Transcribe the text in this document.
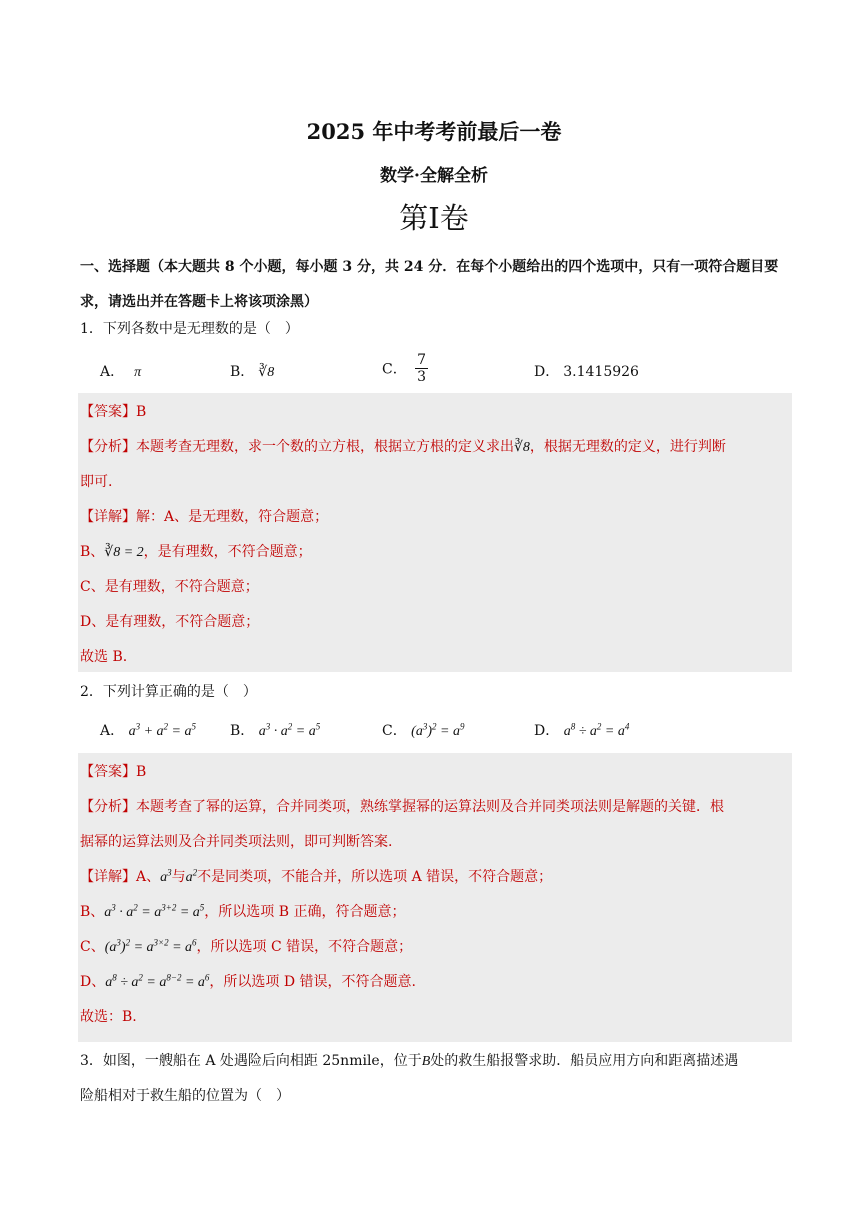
2025 年中考考前最后一卷
数学·全解全析
第I卷
一、选择题（本大题共 8 个小题，每小题 3 分，共 24 分．在每个小题给出的四个选项中，只有一项符合题目要求，请选出并在答题卡上将该项涂黑）
1．下列各数中是无理数的是（　）
A． π	B． ∛8	C． $\frac{7}{3}$	D． 3.1415926
【答案】B
【分析】本题考查无理数，求一个数的立方根，根据立方根的定义求出∛8，根据无理数的定义，进行判断
即可.
【详解】解：A、是无理数，符合题意；
B、∛8 = 2，是有理数，不符合题意；
C、是有理数，不符合题意；
D、是有理数，不符合题意；
故选 B.
2．下列计算正确的是（　）
A． $a^3 + a^2 = a^5$ B． $a^3 \cdot a^2 = a^5$	C． $(a^3)^2 = a^9$	D． $a^8 \div a^2 = a^4$
【答案】B
【分析】本题考查了幂的运算，合并同类项，熟练掌握幂的运算法则及合并同类项法则是解题的关键．根
据幂的运算法则及合并同类项法则，即可判断答案.
【详解】A、$a^3$与$a^2$不是同类项，不能合并，所以选项 A 错误，不符合题意；
B、$a^3 \cdot a^2 = a^{3+2} = a^5$，所以选项 B 正确，符合题意；
C、$(a^3)^2 = a^{3\times 2} = a^6$，所以选项 C 错误，不符合题意；
D、$a^8 \div a^2 = a^{8-2} = a^6$，所以选项 D 错误，不符合题意.
故选：B.
3．如图，一艘船在 A 处遇险后向相距 25nmile，位于B处的救生船报警求助．船员应用方向和距离描述遇
险船相对于救生船的位置为（　）
